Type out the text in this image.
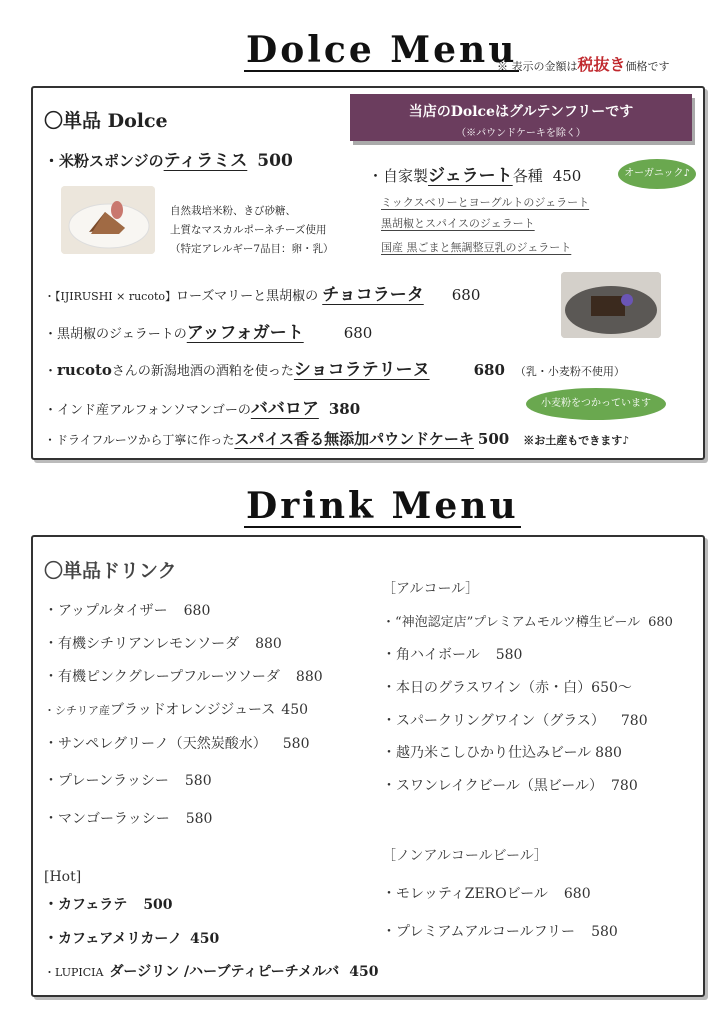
Dolce Menu
※ 表示の金額は税抜き価格です
〇単品 Dolce	当店のDolceはグルテンフリーです
（※パウンドケーキを除く）
・米粉スポンジのティラミス 500
自然栽培米粉、きび砂糖、
上質なマスカルポーネチーズ使用
（特定アレルギー7品目：卵・乳）
・自家製ジェラート各種 450	オーガニック♪
ミックスベリーとヨーグルトのジェラート
黒胡椒とスパイスのジェラート
国産 黒ごまと無調整豆乳のジェラート
・【IJIRUSHI × rucoto】ローズマリーと黒胡椒の チョコラータ 680
・黒胡椒のジェラートのアッフォガート	680
・rucotoさんの新潟地酒の酒粕を使ったショコラテリーヌ	680 （乳・小麦粉不使用）
・インド産アルフォンソマンゴーのババロア 380	小麦粉をつかっています
・ドライフルーツから丁寧に作ったスパイス香る無添加パウンドケーキ 500 ※お土産もできます♪
Drink Menu
〇単品ドリンク
・アップルタイザー 680
・有機シチリアンレモンソーダ 880
・有機ピンクグレープフルーツソーダ 880
・シチリア産ブラッドオレンジジュース 450
・サンペレグリーノ（天然炭酸水） 580
・プレーンラッシー 580
・マンゴーラッシー 580
[Hot]
・カフェラテ 500
・カフェアメリカーノ 450
・LUPICIA ダージリン /ハーブティピーチメルバ 450
［アルコール］
・“神泡認定店”プレミアムモルツ樽生ビール 680
・角ハイボール 580
・本日のグラスワイン（赤・白）650〜
・スパークリングワイン（グラス） 780
・越乃米こしひかり仕込みビール 880
・スワンレイクビール（黒ビール） 780
［ノンアルコールビール］
・モレッティZEROビール 680
・プレミアムアルコールフリー 580
